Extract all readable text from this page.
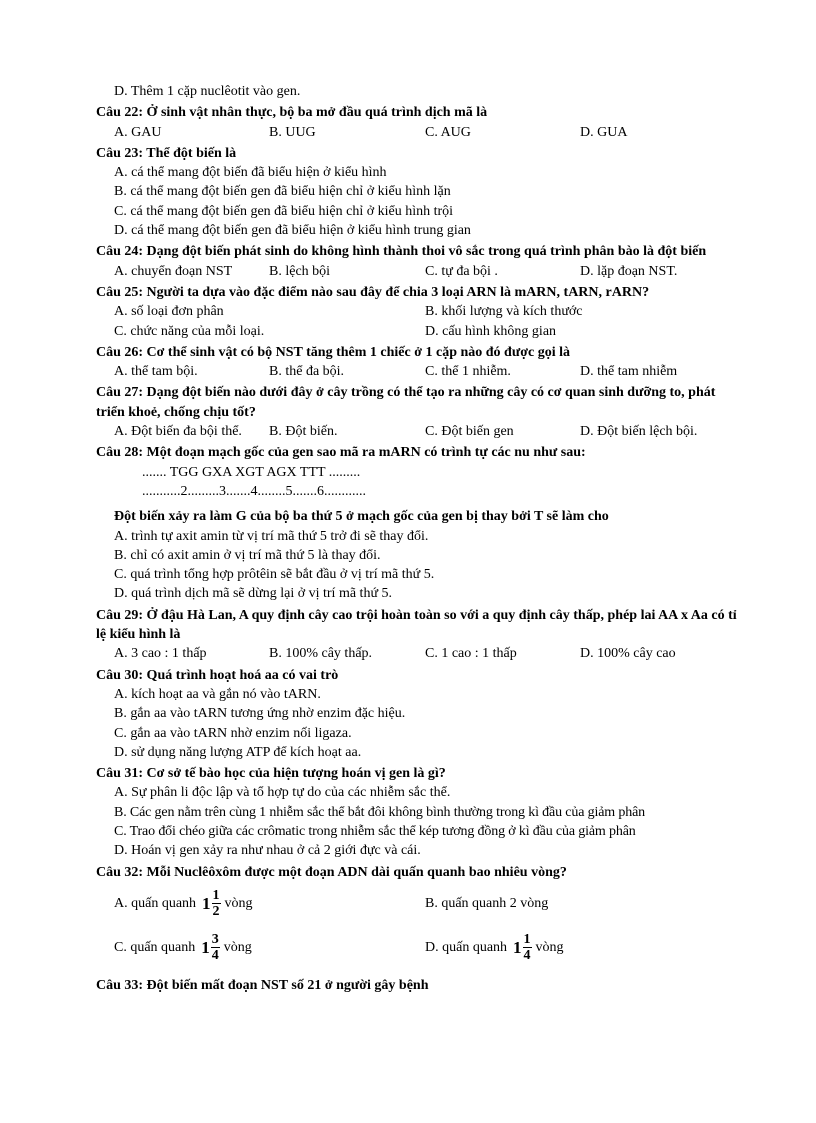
D. Thêm 1 cặp nuclêotit vào gen.
Câu 22: Ở sinh vật nhân thực, bộ ba mở đầu quá trình dịch mã là
A. GAU	B. UUG	C. AUG	D. GUA
Câu 23: Thể đột biến là
A. cá thể mang đột biến đã biểu hiện ở kiểu hình
B. cá thể mang đột biến gen đã biểu hiện chỉ ở kiểu hình lặn
C. cá thể mang đột biến gen đã biểu hiện chỉ ở kiểu hình trội
D. cá thể mang đột biến gen đã biểu hiện ở kiểu hình trung gian
Câu 24: Dạng đột biến phát sinh do không hình thành thoi vô sắc trong quá trình phân bào là đột biến
A. chuyển đoạn NST	B. lệch bội	C. tự đa bội .	D. lặp đoạn NST.
Câu 25: Người ta dựa vào đặc điểm nào sau đây để chia 3 loại ARN là mARN, tARN, rARN?
A. số loại đơn phân	B. khối lượng và kích thước
C. chức năng của mỗi loại.	D. cấu hình không gian
Câu 26: Cơ thể sinh vật có bộ NST tăng thêm 1 chiếc ở 1 cặp nào đó được gọi là
A. thể tam bội.	B. thể đa bội.	C. thể 1 nhiễm.	D. thể tam nhiễm
Câu 27: Dạng đột biến nào dưới đây ở cây trồng có thể tạo ra những cây có cơ quan sinh dưỡng to, phát triển khoẻ, chống chịu tốt?
A. Đột biến đa bội thể. B. Đột biến.	C. Đột biến gen	D. Đột biến lệch bội.
Câu 28: Một đoạn mạch gốc của gen sao mã ra mARN có trình tự các nu như sau:
....... TGG GXA XGT AGX TTT .........
...........2.........3.......4........5.......6............
Đột biến xảy ra làm G của bộ ba thứ 5 ở mạch gốc của gen bị thay bởi T sẽ làm cho
A. trình tự axit amin từ vị trí mã thứ 5 trở đi sẽ thay đổi.
B. chỉ có axit amin ở vị trí mã thứ 5 là thay đổi.
C. quá trình tổng hợp prôtêin sẽ bắt đầu ở vị trí mã thứ 5.
D. quá trình dịch mã sẽ dừng lại ở vị trí mã thứ 5.
Câu 29: Ở đậu Hà Lan, A quy định cây cao trội hoàn toàn so với a quy định cây thấp, phép lai AA x Aa có tỉ lệ kiểu hình là
A. 3 cao : 1 thấp	B. 100% cây thấp.	C. 1 cao : 1 thấp	D. 100% cây cao
Câu 30: Quá trình hoạt hoá aa có vai trò
A. kích hoạt aa và gắn nó vào tARN.
B. gắn aa vào tARN tương ứng nhờ enzim đặc hiệu.
C. gắn aa vào tARN nhờ enzim nối ligaza.
D. sử dụng năng lượng ATP để kích hoạt aa.
Câu 31: Cơ sở tế bào học của hiện tượng hoán vị gen là gì?
A. Sự phân li độc lập và tổ hợp tự do của các nhiễm sắc thể.
B. Các gen nằm trên cùng 1 nhiễm sắc thể bắt đôi không bình thường trong kì đầu của giảm phân
C. Trao đổi chéo giữa các crômatic trong nhiễm sắc thể kép tương đồng ở kì đầu của giảm phân
D. Hoán vị gen xảy ra như nhau ở cả 2 giới đực và cái.
Câu 32: Mỗi Nuclêôxôm được một đoạn ADN dài quấn quanh bao nhiêu vòng?
A. quấn quanh $1 \frac{1}{2}$ vòng	B. quấn quanh 2 vòng
C. quấn quanh $1 \frac{3}{4}$ vòng	D. quấn quanh $1 \frac{1}{4}$ vòng
Câu 33: Đột biến mất đoạn NST số 21 ở người gây bệnh
